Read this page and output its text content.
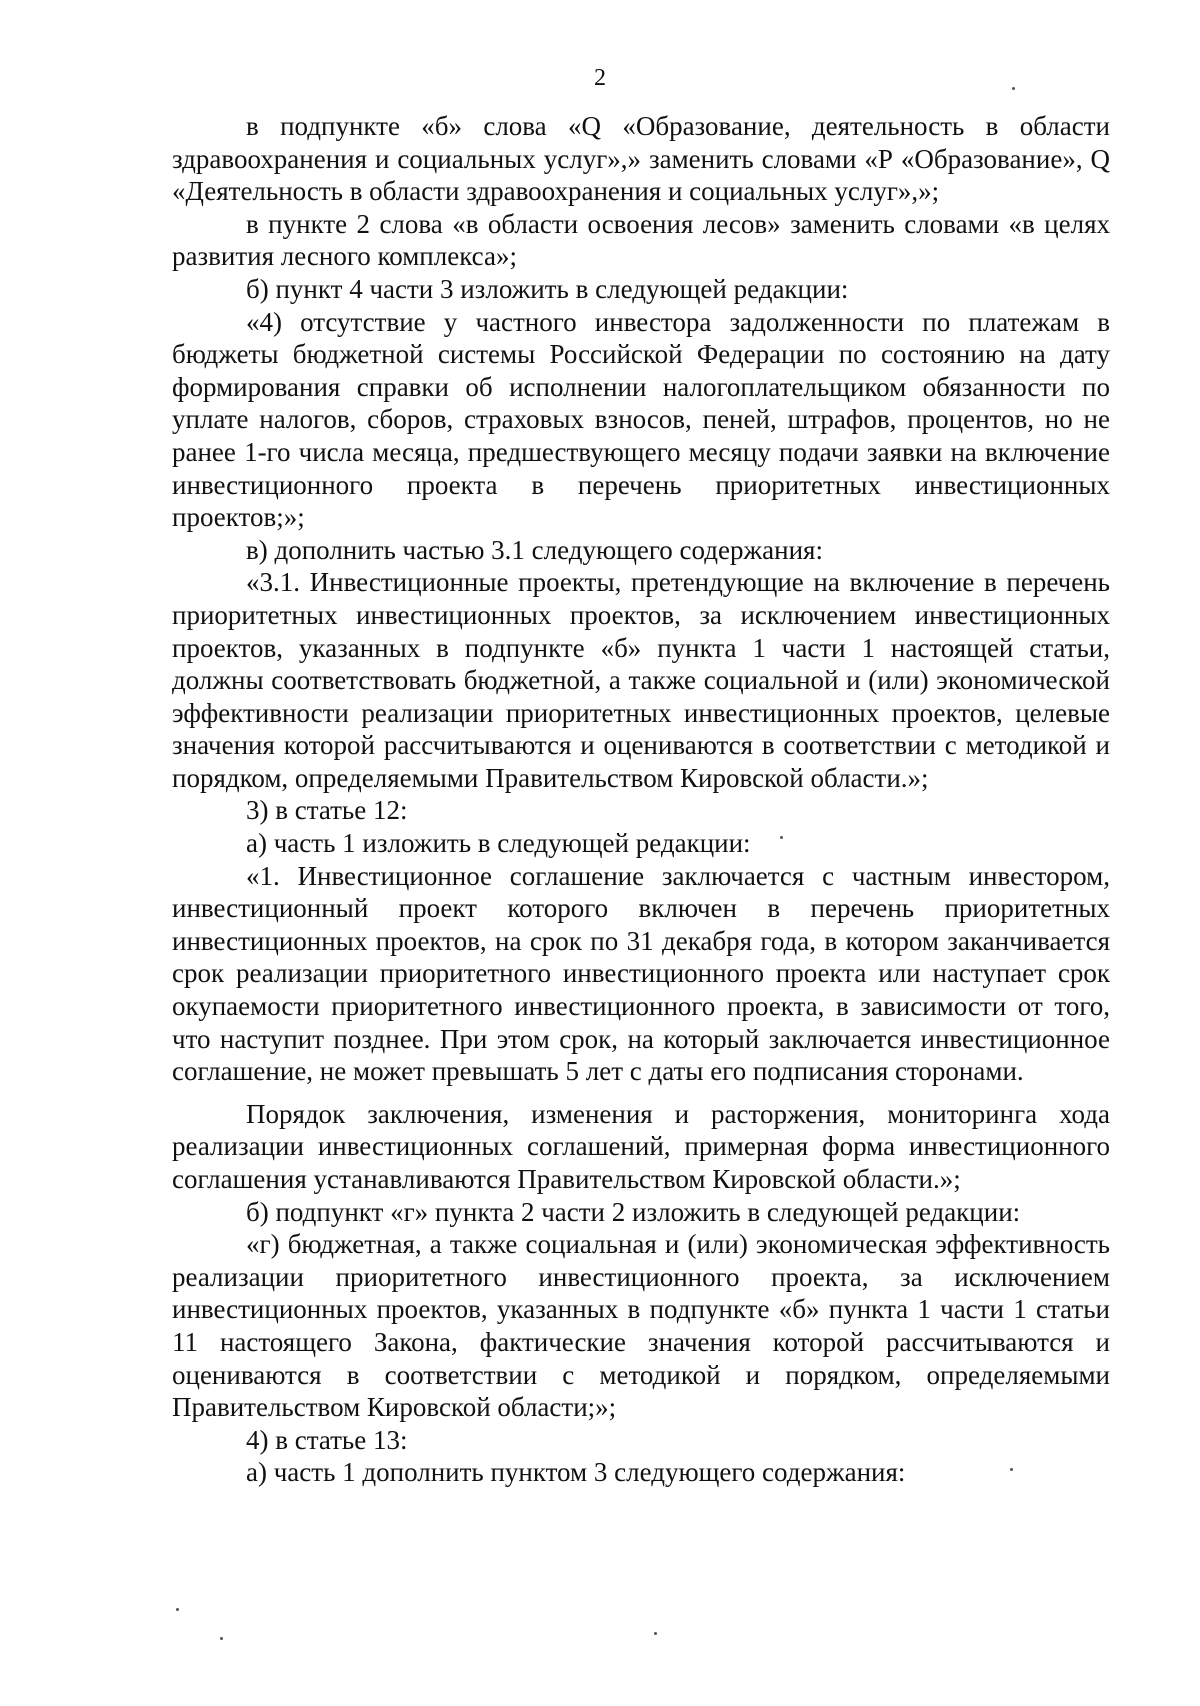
2

в подпункте «б» слова «Q «Образование, деятельность в области здравоохранения и социальных услуг»,» заменить словами «Р «Образование», Q «Деятельность в области здравоохранения и социальных услуг»,»;

в пункте 2 слова «в области освоения лесов» заменить словами «в целях развития лесного комплекса»;

б) пункт 4 части 3 изложить в следующей редакции:

«4) отсутствие у частного инвестора задолженности по платежам в бюджеты бюджетной системы Российской Федерации по состоянию на дату формирования справки об исполнении налогоплательщиком обязанности по уплате налогов, сборов, страховых взносов, пеней, штрафов, процентов, но не ранее 1-го числа месяца, предшествующего месяцу подачи заявки на включение инвестиционного проекта в перечень приоритетных инвестиционных проектов;»;

в) дополнить частью 3.1 следующего содержания:

«3.1. Инвестиционные проекты, претендующие на включение в перечень приоритетных инвестиционных проектов, за исключением инвестиционных проектов, указанных в подпункте «б» пункта 1 части 1 настоящей статьи, должны соответствовать бюджетной, а также социальной и (или) экономической эффективности реализации приоритетных инвестиционных проектов, целевые значения которой рассчитываются и оцениваются в соответствии с методикой и порядком, определяемыми Правительством Кировской области.»;

3) в статье 12:

а) часть 1 изложить в следующей редакции:

«1. Инвестиционное соглашение заключается с частным инвестором, инвестиционный проект которого включен в перечень приоритетных инвестиционных проектов, на срок по 31 декабря года, в котором заканчивается срок реализации приоритетного инвестиционного проекта или наступает срок окупаемости приоритетного инвестиционного проекта, в зависимости от того, что наступит позднее. При этом срок, на который заключается инвестиционное соглашение, не может превышать 5 лет с даты его подписания сторонами.

Порядок заключения, изменения и расторжения, мониторинга хода реализации инвестиционных соглашений, примерная форма инвестиционного соглашения устанавливаются Правительством Кировской области.»;

б) подпункт «г» пункта 2 части 2 изложить в следующей редакции:

«г) бюджетная, а также социальная и (или) экономическая эффективность реализации приоритетного инвестиционного проекта, за исключением инвестиционных проектов, указанных в подпункте «б» пункта 1 части 1 статьи 11 настоящего Закона, фактические значения которой рассчитываются и оцениваются в соответствии с методикой и порядком, определяемыми Правительством Кировской области;»;

4) в статье 13:

а) часть 1 дополнить пунктом 3 следующего содержания:
